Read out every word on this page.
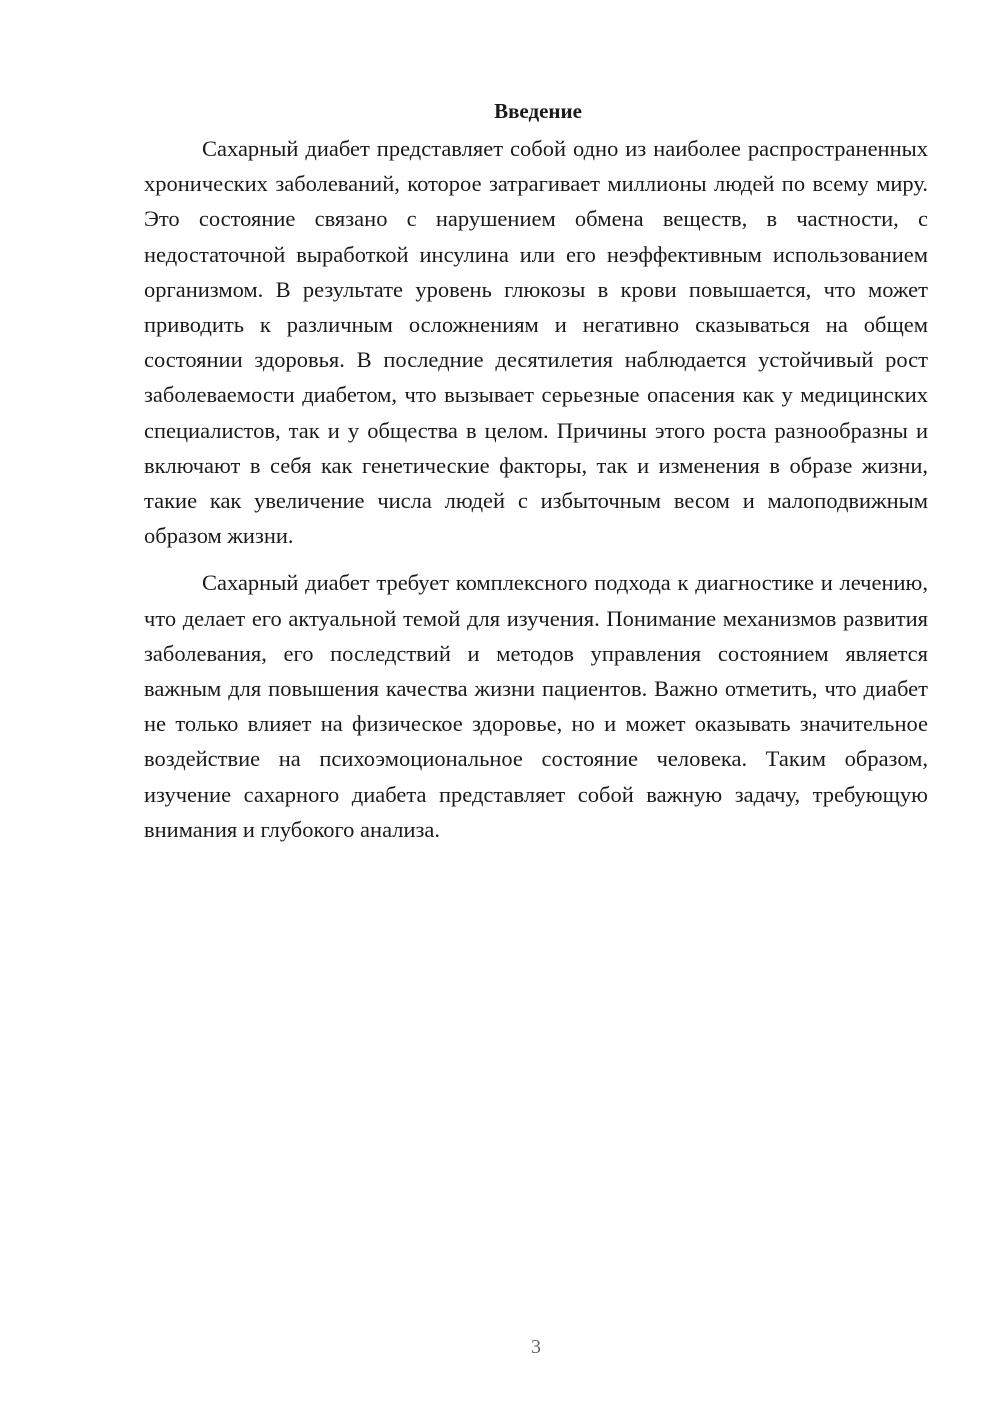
Введение

Сахарный диабет представляет собой одно из наиболее распространенных хронических заболеваний, которое затрагивает миллионы людей по всему миру. Это состояние связано с нарушением обмена веществ, в частности, с недостаточной выработкой инсулина или его неэффективным использованием организмом. В результате уровень глюкозы в крови повышается, что может приводить к различным осложнениям и негативно сказываться на общем состоянии здоровья. В последние десятилетия наблюдается устойчивый рост заболеваемости диабетом, что вызывает серьезные опасения как у медицинских специалистов, так и у общества в целом. Причины этого роста разнообразны и включают в себя как генетические факторы, так и изменения в образе жизни, такие как увеличение числа людей с избыточным весом и малоподвижным образом жизни.

Сахарный диабет требует комплексного подхода к диагностике и лечению, что делает его актуальной темой для изучения. Понимание механизмов развития заболевания, его последствий и методов управления состоянием является важным для повышения качества жизни пациентов. Важно отметить, что диабет не только влияет на физическое здоровье, но и может оказывать значительное воздействие на психоэмоциональное состояние человека. Таким образом, изучение сахарного диабета представляет собой важную задачу, требующую внимания и глубокого анализа.

3
